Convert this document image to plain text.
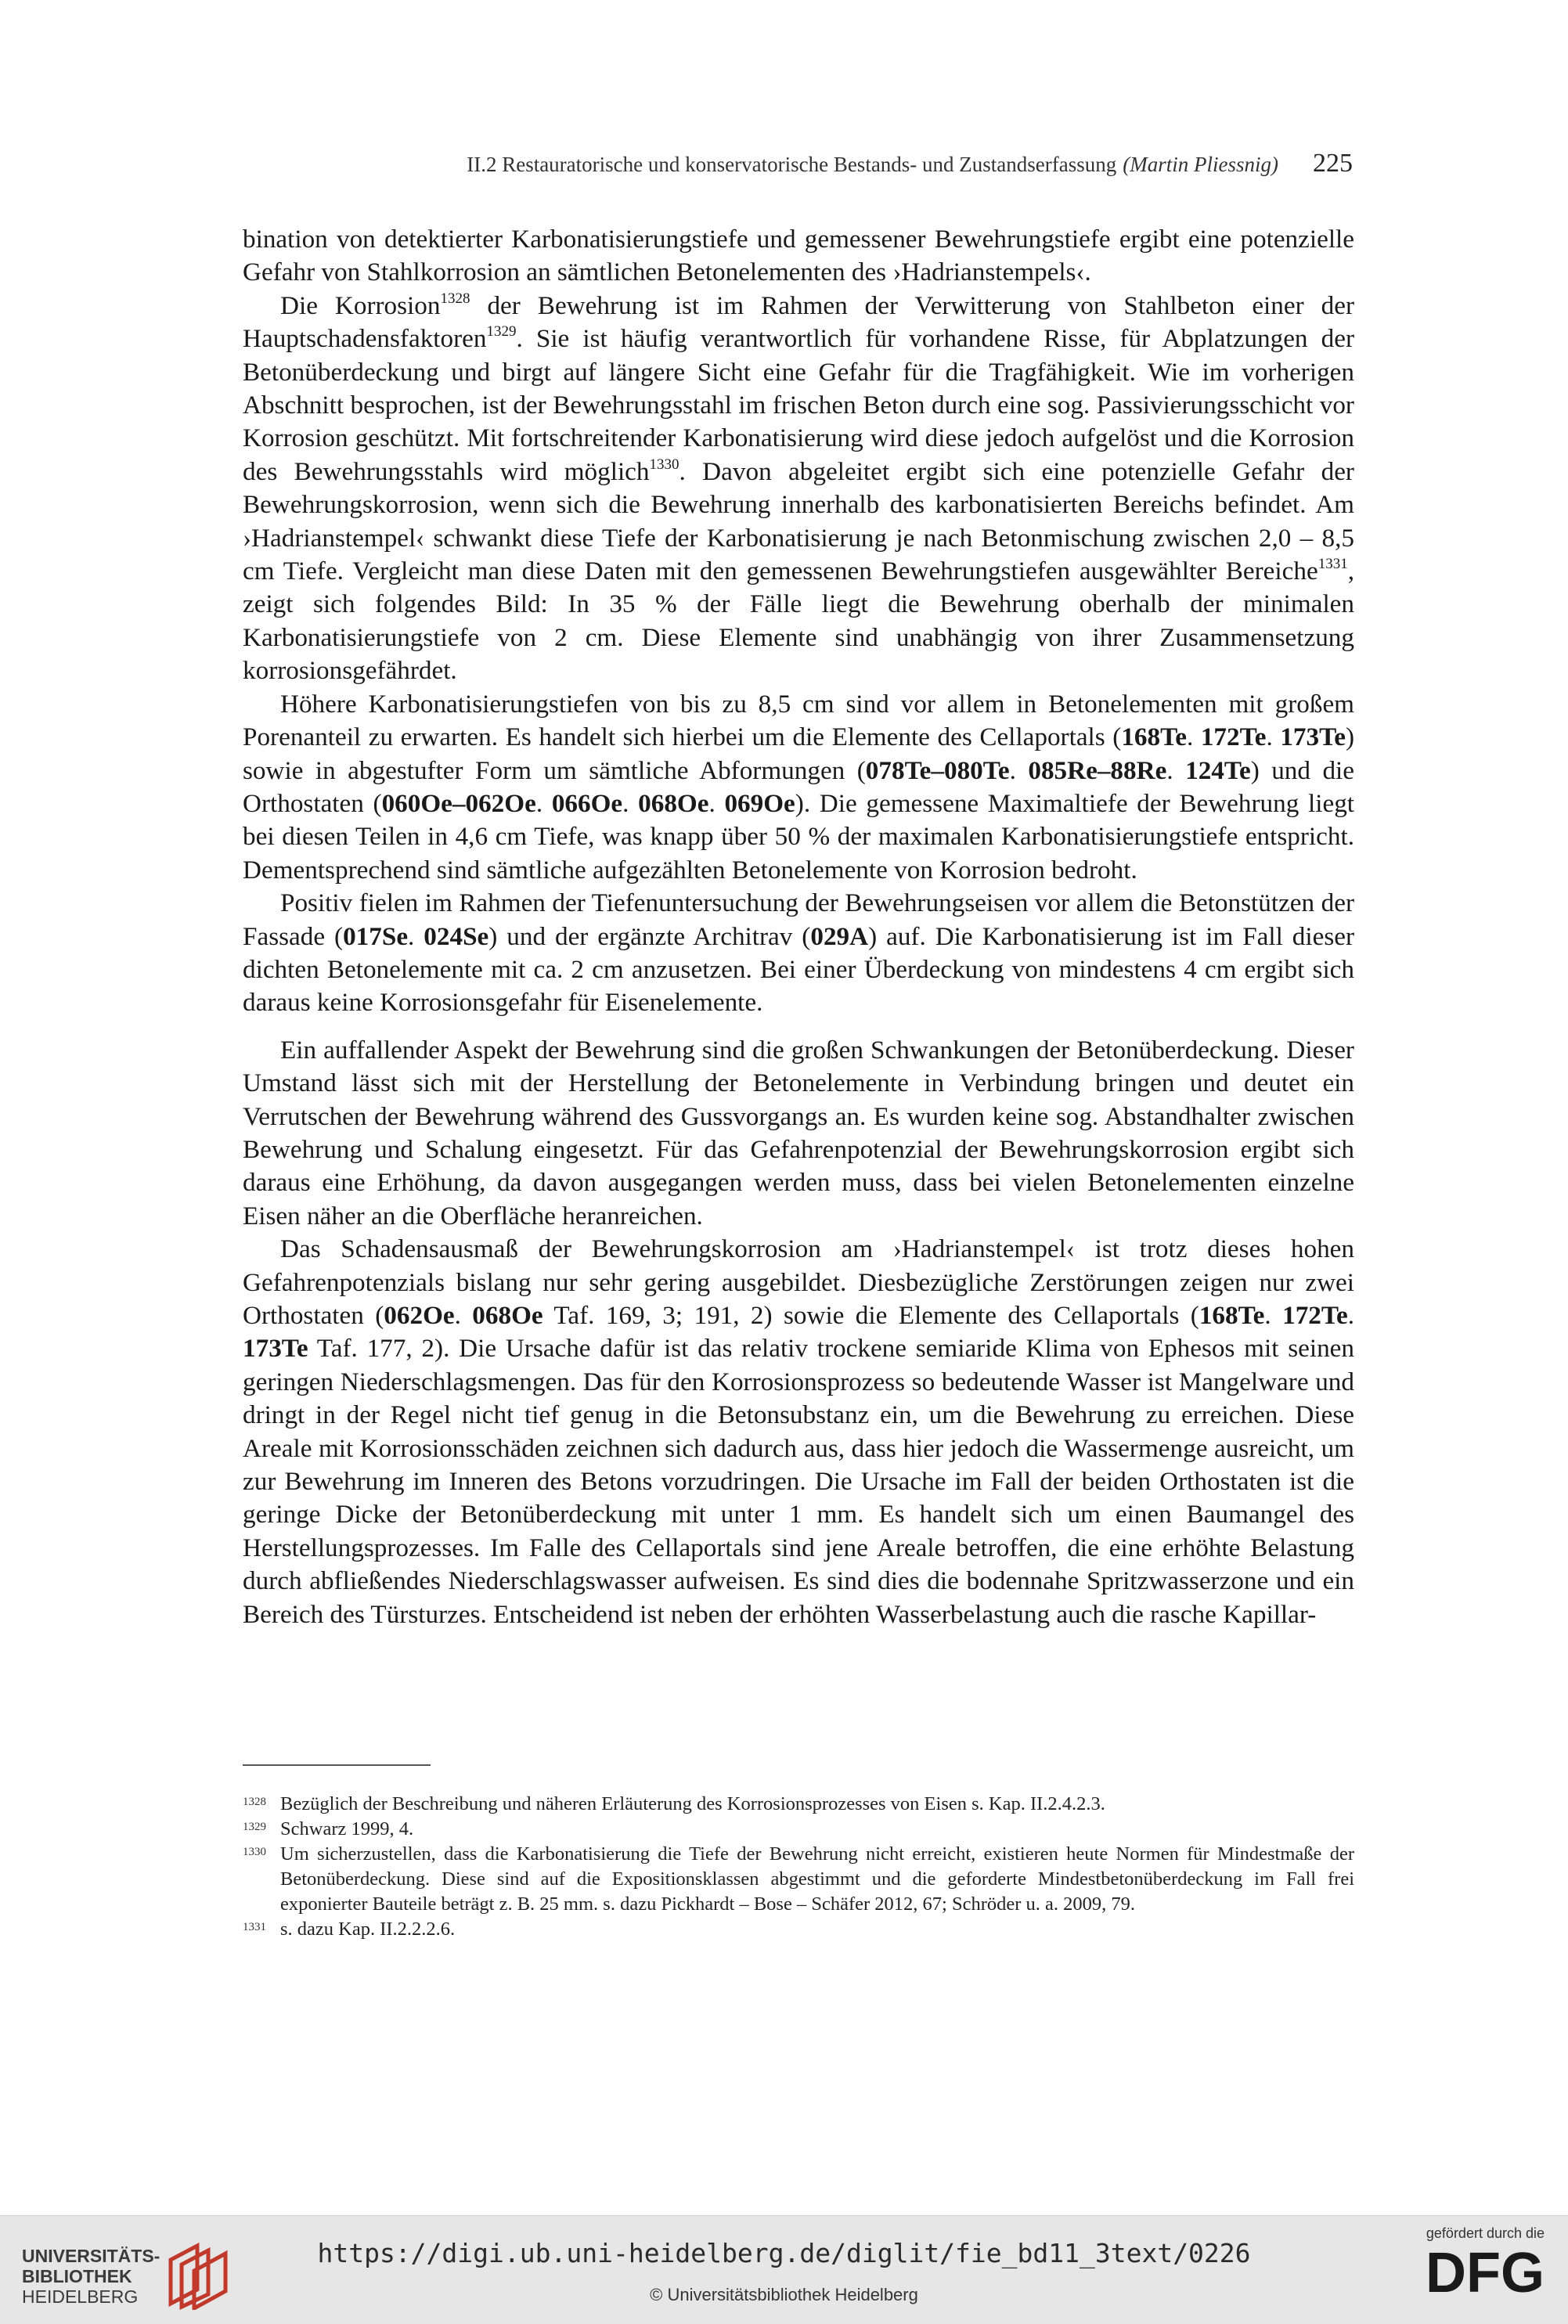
II.2 Restauratorische und konservatorische Bestands- und Zustandserfassung (Martin Pliessnig) 225

bination von detektierter Karbonatisierungstiefe und gemessener Bewehrungstiefe ergibt eine potenzielle Gefahr von Stahlkorrosion an sämtlichen Betonelementen des ›Hadrianstempels‹.

Die Korrosion$^{1328}$ der Bewehrung ist im Rahmen der Verwitterung von Stahlbeton einer der Hauptschadensfaktoren$^{1329}$. Sie ist häufig verantwortlich für vorhandene Risse, für Abplatzungen der Betonüberdeckung und birgt auf längere Sicht eine Gefahr für die Tragfähigkeit. Wie im vorherigen Abschnitt besprochen, ist der Bewehrungsstahl im frischen Beton durch eine sog. Passivierungsschicht vor Korrosion geschützt. Mit fortschreitender Karbonatisierung wird diese jedoch aufgelöst und die Korrosion des Bewehrungsstahls wird möglich$^{1330}$. Davon abgeleitet ergibt sich eine potenzielle Gefahr der Bewehrungskorrosion, wenn sich die Bewehrung innerhalb des karbonatisierten Bereichs befindet. Am ›Hadrianstempel‹ schwankt diese Tiefe der Karbonatisierung je nach Betonmischung zwischen 2,0 – 8,5 cm Tiefe. Vergleicht man diese Daten mit den gemessenen Bewehrungstiefen ausgewählter Bereiche$^{1331}$, zeigt sich folgendes Bild: In 35 % der Fälle liegt die Bewehrung oberhalb der minimalen Karbonatisierungstiefe von 2 cm. Diese Elemente sind unabhängig von ihrer Zusammensetzung korrosionsgefährdet.

Höhere Karbonatisierungstiefen von bis zu 8,5 cm sind vor allem in Betonelementen mit großem Porenanteil zu erwarten. Es handelt sich hierbei um die Elemente des Cellaportals (168Te. 172Te. 173Te) sowie in abgestufter Form um sämtliche Abformungen (078Te–080Te. 085Re–88Re. 124Te) und die Orthostaten (060Oe–062Oe. 066Oe. 068Oe. 069Oe). Die gemessene Maximaltiefe der Bewehrung liegt bei diesen Teilen in 4,6 cm Tiefe, was knapp über 50 % der maximalen Karbonatisierungstiefe entspricht. Dementsprechend sind sämtliche aufgezählten Betonelemente von Korrosion bedroht.

Positiv fielen im Rahmen der Tiefenuntersuchung der Bewehrungseisen vor allem die Betonstützen der Fassade (017Se. 024Se) und der ergänzte Architrav (029A) auf. Die Karbonatisierung ist im Fall dieser dichten Betonelemente mit ca. 2 cm anzusetzen. Bei einer Überdeckung von mindestens 4 cm ergibt sich daraus keine Korrosionsgefahr für Eisenelemente.

Ein auffallender Aspekt der Bewehrung sind die großen Schwankungen der Betonüberdeckung. Dieser Umstand lässt sich mit der Herstellung der Betonelemente in Verbindung bringen und deutet ein Verrutschen der Bewehrung während des Gussvorgangs an. Es wurden keine sog. Abstandhalter zwischen Bewehrung und Schalung eingesetzt. Für das Gefahrenpotenzial der Bewehrungskorrosion ergibt sich daraus eine Erhöhung, da davon ausgegangen werden muss, dass bei vielen Betonelementen einzelne Eisen näher an die Oberfläche heranreichen.

Das Schadensausmaß der Bewehrungskorrosion am ›Hadrianstempel‹ ist trotz dieses hohen Gefahrenpotenzials bislang nur sehr gering ausgebildet. Diesbezügliche Zerstörungen zeigen nur zwei Orthostaten (062Oe. 068Oe Taf. 169, 3; 191, 2) sowie die Elemente des Cellaportals (168Te. 172Te. 173Te Taf. 177, 2). Die Ursache dafür ist das relativ trockene semiaride Klima von Ephesos mit seinen geringen Niederschlagsmengen. Das für den Korrosionsprozess so bedeutende Wasser ist Mangelware und dringt in der Regel nicht tief genug in die Betonsubstanz ein, um die Bewehrung zu erreichen. Diese Areale mit Korrosionsschäden zeichnen sich dadurch aus, dass hier jedoch die Wassermenge ausreicht, um zur Bewehrung im Inneren des Betons vorzudringen. Die Ursache im Fall der beiden Orthostaten ist die geringe Dicke der Betonüberdeckung mit unter 1 mm. Es handelt sich um einen Baumangel des Herstellungsprozesses. Im Falle des Cellaportals sind jene Areale betroffen, die eine erhöhte Belastung durch abfließendes Niederschlagswasser aufweisen. Es sind dies die bodennahe Spritzwasserzone und ein Bereich des Türsturzes. Entscheidend ist neben der erhöhten Wasserbelastung auch die rasche Kapillar-

1328 Bezüglich der Beschreibung und näheren Erläuterung des Korrosionsprozesses von Eisen s. Kap. II.2.4.2.3.
1329 Schwarz 1999, 4.
1330 Um sicherzustellen, dass die Karbonatisierung die Tiefe der Bewehrung nicht erreicht, existieren heute Normen für Mindestmaße der Betonüberdeckung. Diese sind auf die Expositionsklassen abgestimmt und die geforderte Mindestbetonüberdeckung im Fall frei exponierter Bauteile beträgt z. B. 25 mm. s. dazu Pickhardt – Bose – Schäfer 2012, 67; Schröder u. a. 2009, 79.
1331 s. dazu Kap. II.2.2.2.6.
UNIVERSITÄTS-
BIBLIOTHEK
HEIDELBERG
https://digi.ub.uni-heidelberg.de/diglit/fie_bd11_3text/0226
© Universitätsbibliothek Heidelberg
gefördert durch die
DFG
